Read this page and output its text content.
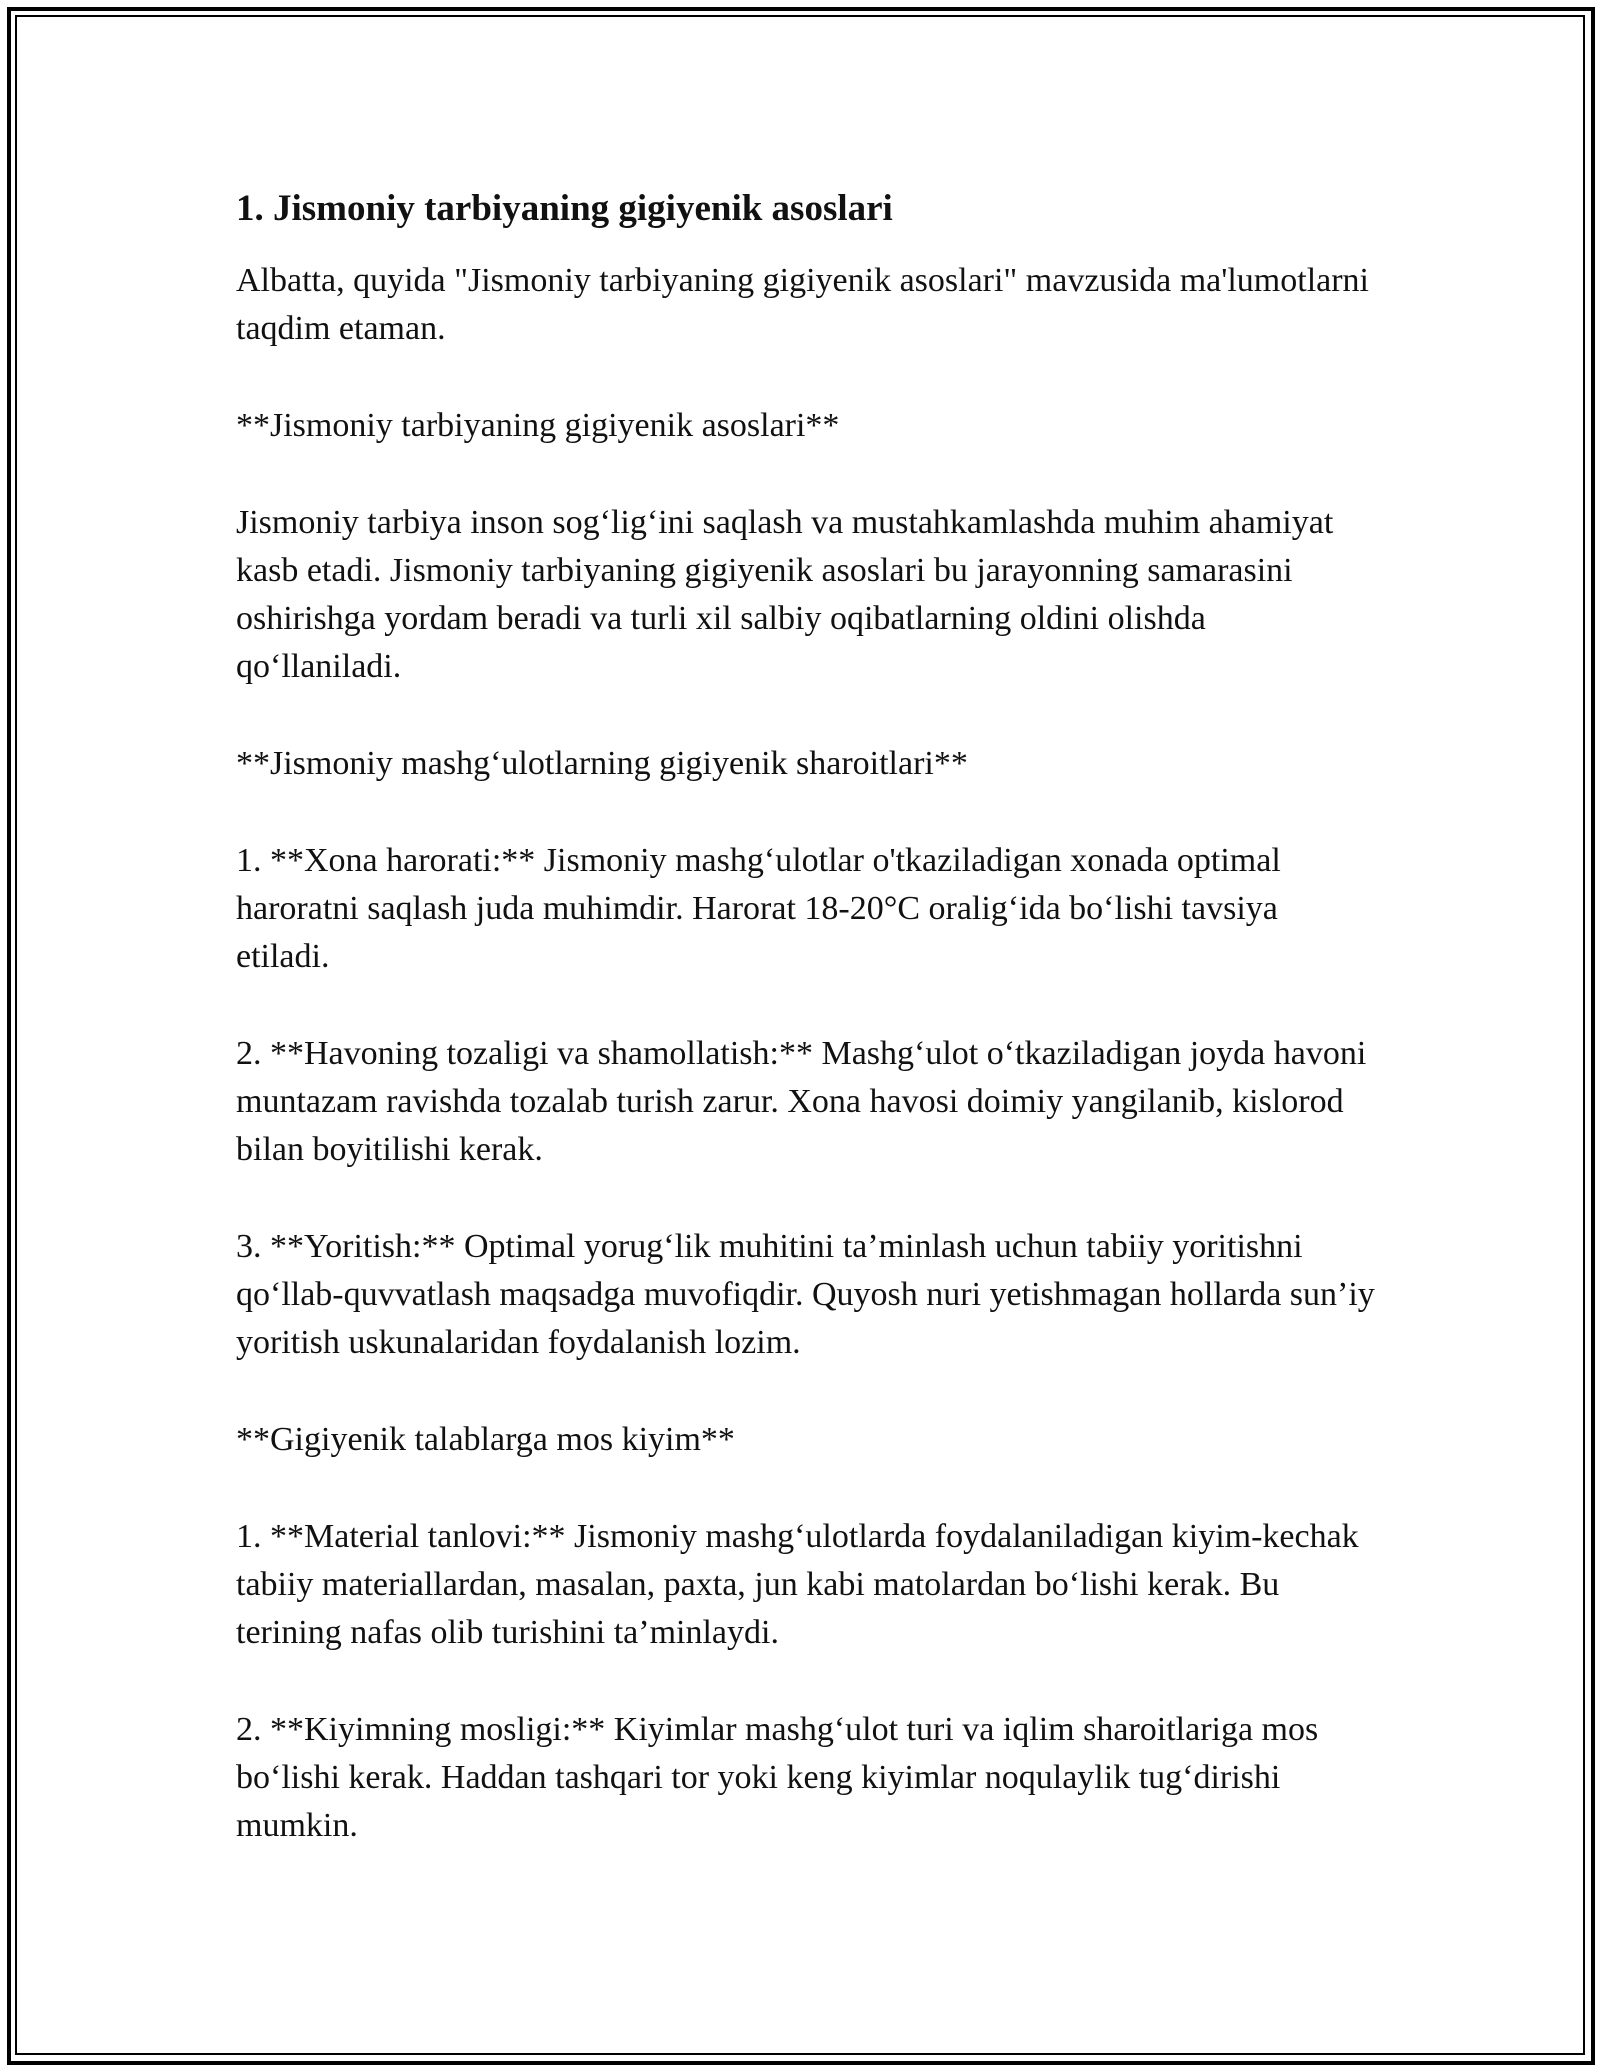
1. Jismoniy tarbiyaning gigiyenik asoslari

Albatta, quyida "Jismoniy tarbiyaning gigiyenik asoslari" mavzusida ma'lumotlarni taqdim etaman.

**Jismoniy tarbiyaning gigiyenik asoslari**

Jismoniy tarbiya inson sog‘lig‘ini saqlash va mustahkamlashda muhim ahamiyat kasb etadi. Jismoniy tarbiyaning gigiyenik asoslari bu jarayonning samarasini oshirishga yordam beradi va turli xil salbiy oqibatlarning oldini olishda qo‘llaniladi.

**Jismoniy mashg‘ulotlarning gigiyenik sharoitlari**

1. **Xona harorati:** Jismoniy mashg‘ulotlar o'tkaziladigan xonada optimal haroratni saqlash juda muhimdir. Harorat 18-20°C oralig‘ida bo‘lishi tavsiya etiladi.

2. **Havoning tozaligi va shamollatish:** Mashg‘ulot o‘tkaziladigan joyda havoni muntazam ravishda tozalab turish zarur. Xona havosi doimiy yangilanib, kislorod bilan boyitilishi kerak.

3. **Yoritish:** Optimal yorug‘lik muhitini ta’minlash uchun tabiiy yoritishni qo‘llab-quvvatlash maqsadga muvofiqdir. Quyosh nuri yetishmagan hollarda sun’iy yoritish uskunalaridan foydalanish lozim.

**Gigiyenik talablarga mos kiyim**

1. **Material tanlovi:** Jismoniy mashg‘ulotlarda foydalaniladigan kiyim-kechak tabiiy materiallardan, masalan, paxta, jun kabi matolardan bo‘lishi kerak. Bu terining nafas olib turishini ta’minlaydi.

2. **Kiyimning mosligi:** Kiyimlar mashg‘ulot turi va iqlim sharoitlariga mos bo‘lishi kerak. Haddan tashqari tor yoki keng kiyimlar noqulaylik tug‘dirishi mumkin.
